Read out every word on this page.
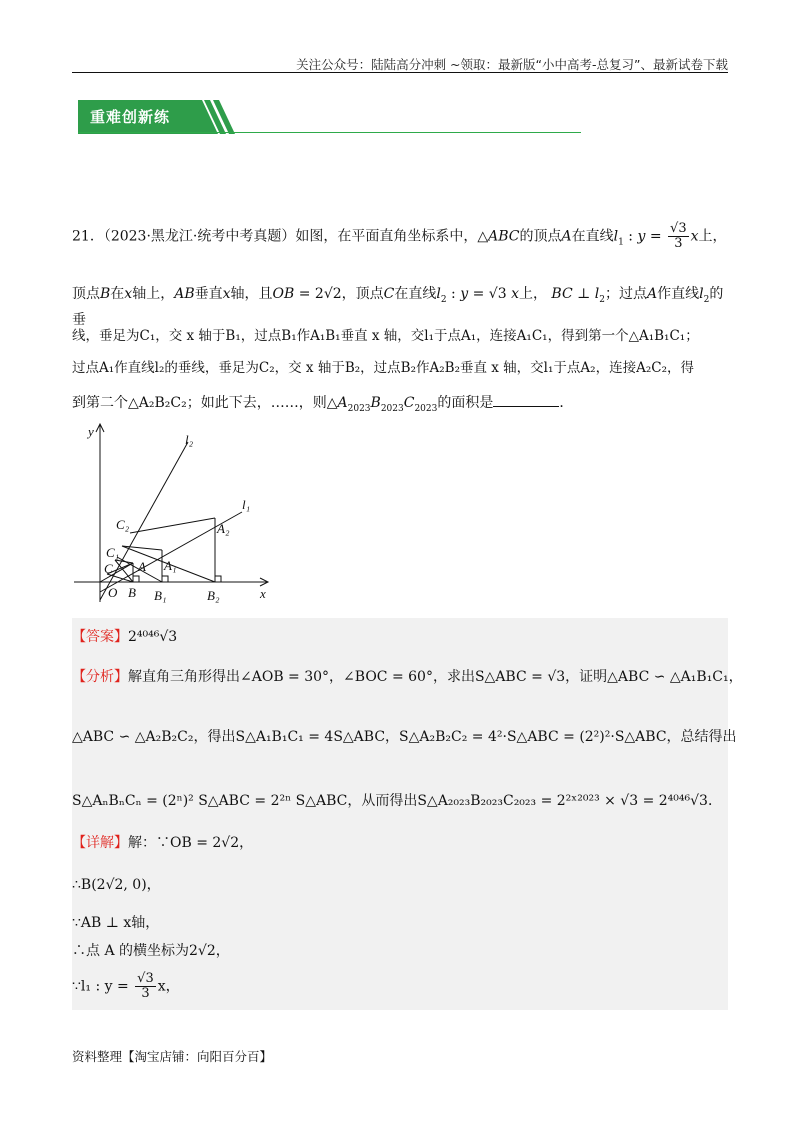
关注公众号：陆陆高分冲刺 ~领取：最新版“小中高考-总复习”、最新试卷下载
重难创新练
21．（2023·黑龙江·统考中考真题）如图，在平面直角坐标系中，△ABC的顶点A在直线$l_1$ : $y = \frac{√3}{3}$ x上，
顶点B在x轴上，AB垂直x轴，且OB = 2√2，顶点C在直线$l_2$ : y = √3 x上， BC ⊥ $l_2$；过点A作直线$l_2$的垂
线，垂足为C₁，交 x 轴于B₁，过点B₁作A₁B₁垂直 x 轴，交l₁于点A₁，连接A₁C₁，得到第一个△A₁B₁C₁；
过点A₁作直线l₂的垂线，垂足为C₂，交 x 轴于B₂，过点B₂作A₂B₂垂直 x 轴，交l₁于点A₂，连接A₂C₂，得
到第二个△A₂B₂C₂；如此下去，……，则$\triangle A_{2023}B_{2023}C_{2023}$的面积是	．
y
x
O B B₁	B₂
C
C₁
C₂
A A₁
A₂
l₁
l₂
【答案】2⁴⁰⁴⁶√3
【分析】解直角三角形得出∠AOB = 30°，∠BOC = 60°，求出S△ABC = √3，证明△ABC ∽ △A₁B₁C₁，
△ABC ∽ △A₂B₂C₂，得出S△A₁B₁C₁ = 4S△ABC，S△A₂B₂C₂ = 4²·S△ABC = (2²)²·S△ABC，总结得出
S△AₙBₙCₙ = (2ⁿ)² S△ABC = 2²ⁿ S△ABC，从而得出S△A₂₀₂₃B₂₀₂₃C₂₀₂₃ = 2²ˣ²⁰²³ × √3 = 2⁴⁰⁴⁶√3．
【详解】解：∵OB = 2√2，
∴B(2√2, 0)，
∵AB ⊥ x轴，
∴点 A 的横坐标为2√2，
∵l₁ : $y = \frac{√3}{3}$ x，
资料整理【淘宝店铺：向阳百分百】
